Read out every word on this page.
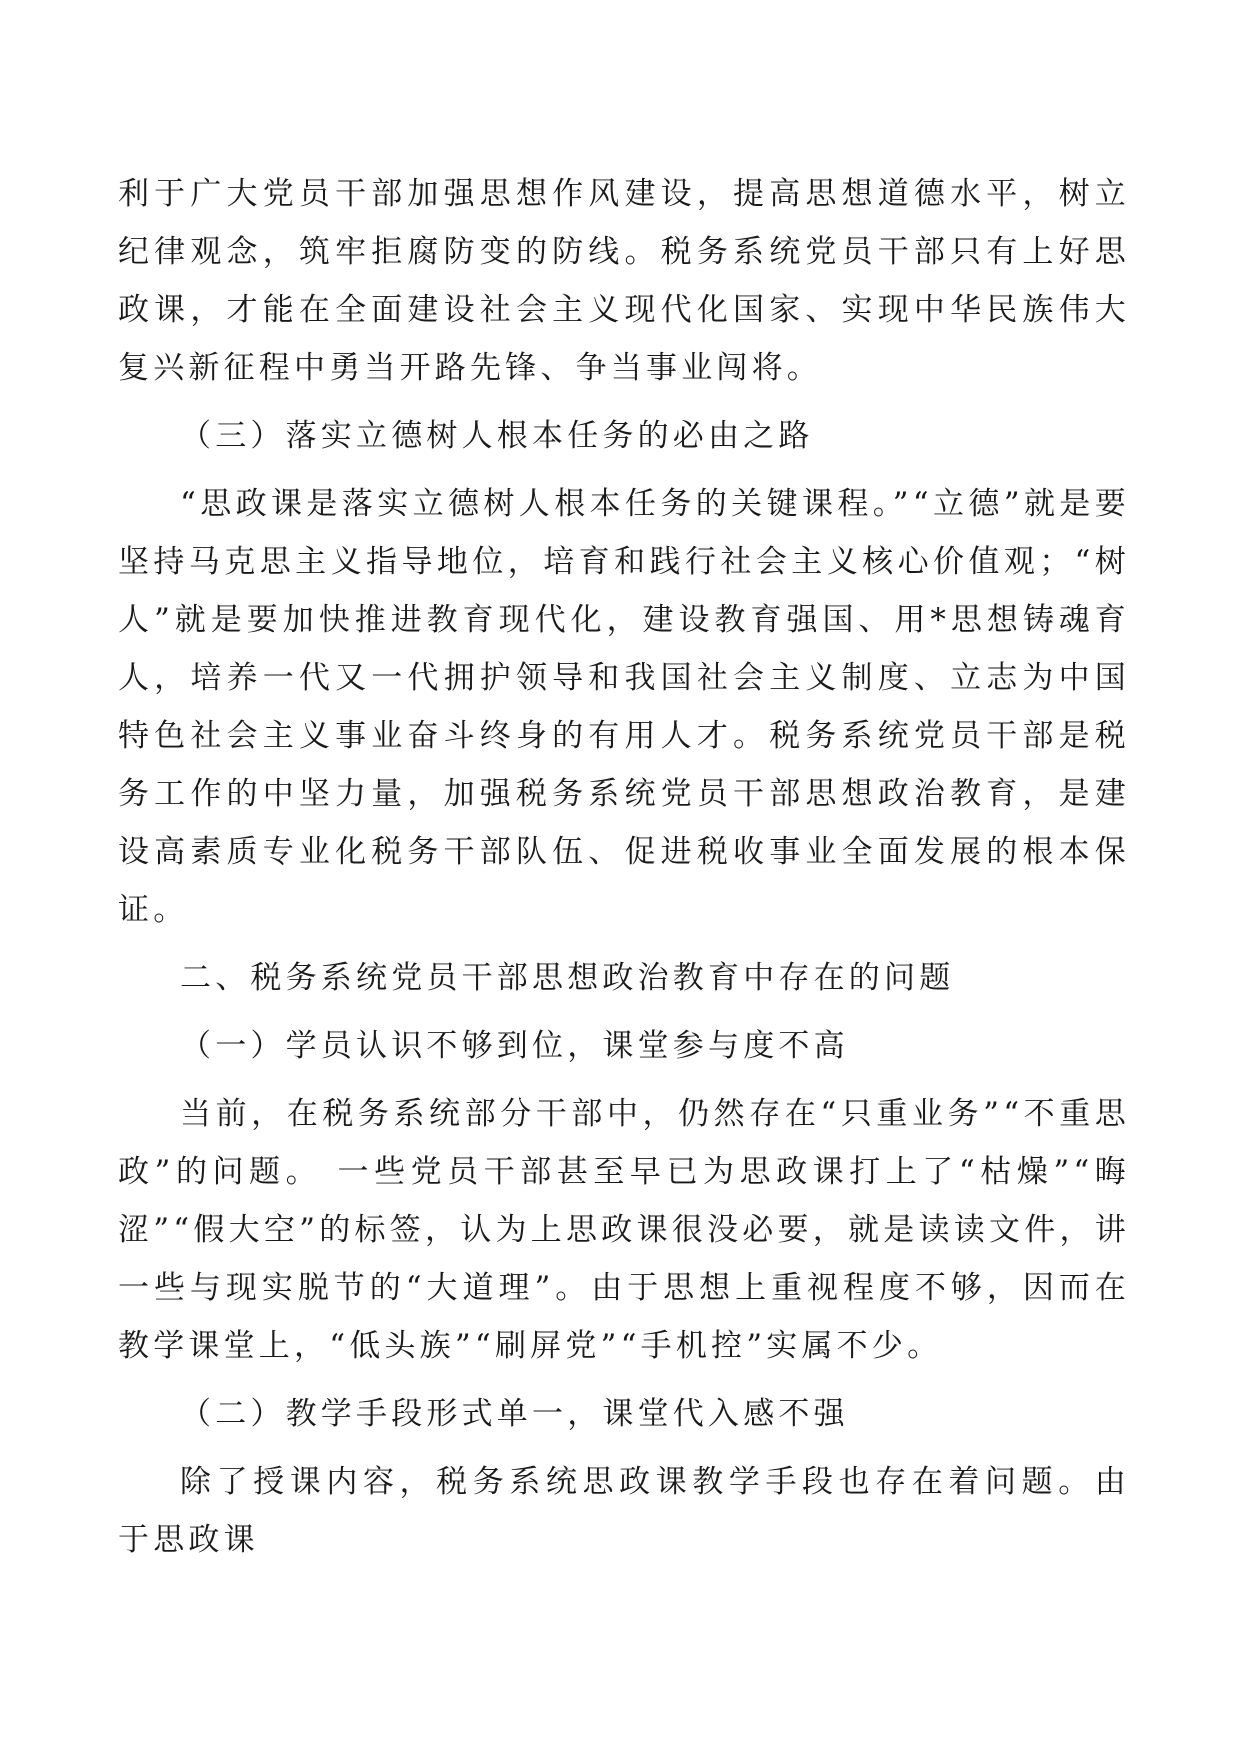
利于广大党员干部加强思想作风建设，提高思想道德水平，树立纪律观念，筑牢拒腐防变的防线。税务系统党员干部只有上好思政课，才能在全面建设社会主义现代化国家、实现中华民族伟大复兴新征程中勇当开路先锋、争当事业闯将。

（三）落实立德树人根本任务的必由之路

“思政课是落实立德树人根本任务的关键课程。”“立德”就是要坚持马克思主义指导地位，培育和践行社会主义核心价值观；“树人”就是要加快推进教育现代化，建设教育强国、用*思想铸魂育人，培养一代又一代拥护领导和我国社会主义制度、立志为中国特色社会主义事业奋斗终身的有用人才。税务系统党员干部是税务工作的中坚力量，加强税务系统党员干部思想政治教育，是建设高素质专业化税务干部队伍、促进税收事业全面发展的根本保证。

二、税务系统党员干部思想政治教育中存在的问题

（一）学员认识不够到位，课堂参与度不高

当前，在税务系统部分干部中，仍然存在“只重业务”“不重思政”的问题。 一些党员干部甚至早已为思政课打上了“枯燥”“晦涩”“假大空”的标签，认为上思政课很没必要，就是读读文件，讲一些与现实脱节的“大道理”。由于思想上重视程度不够，因而在教学课堂上，“低头族”“刷屏党”“手机控”实属不少。

（二）教学手段形式单一，课堂代入感不强

除了授课内容，税务系统思政课教学手段也存在着问题。由于思政课
